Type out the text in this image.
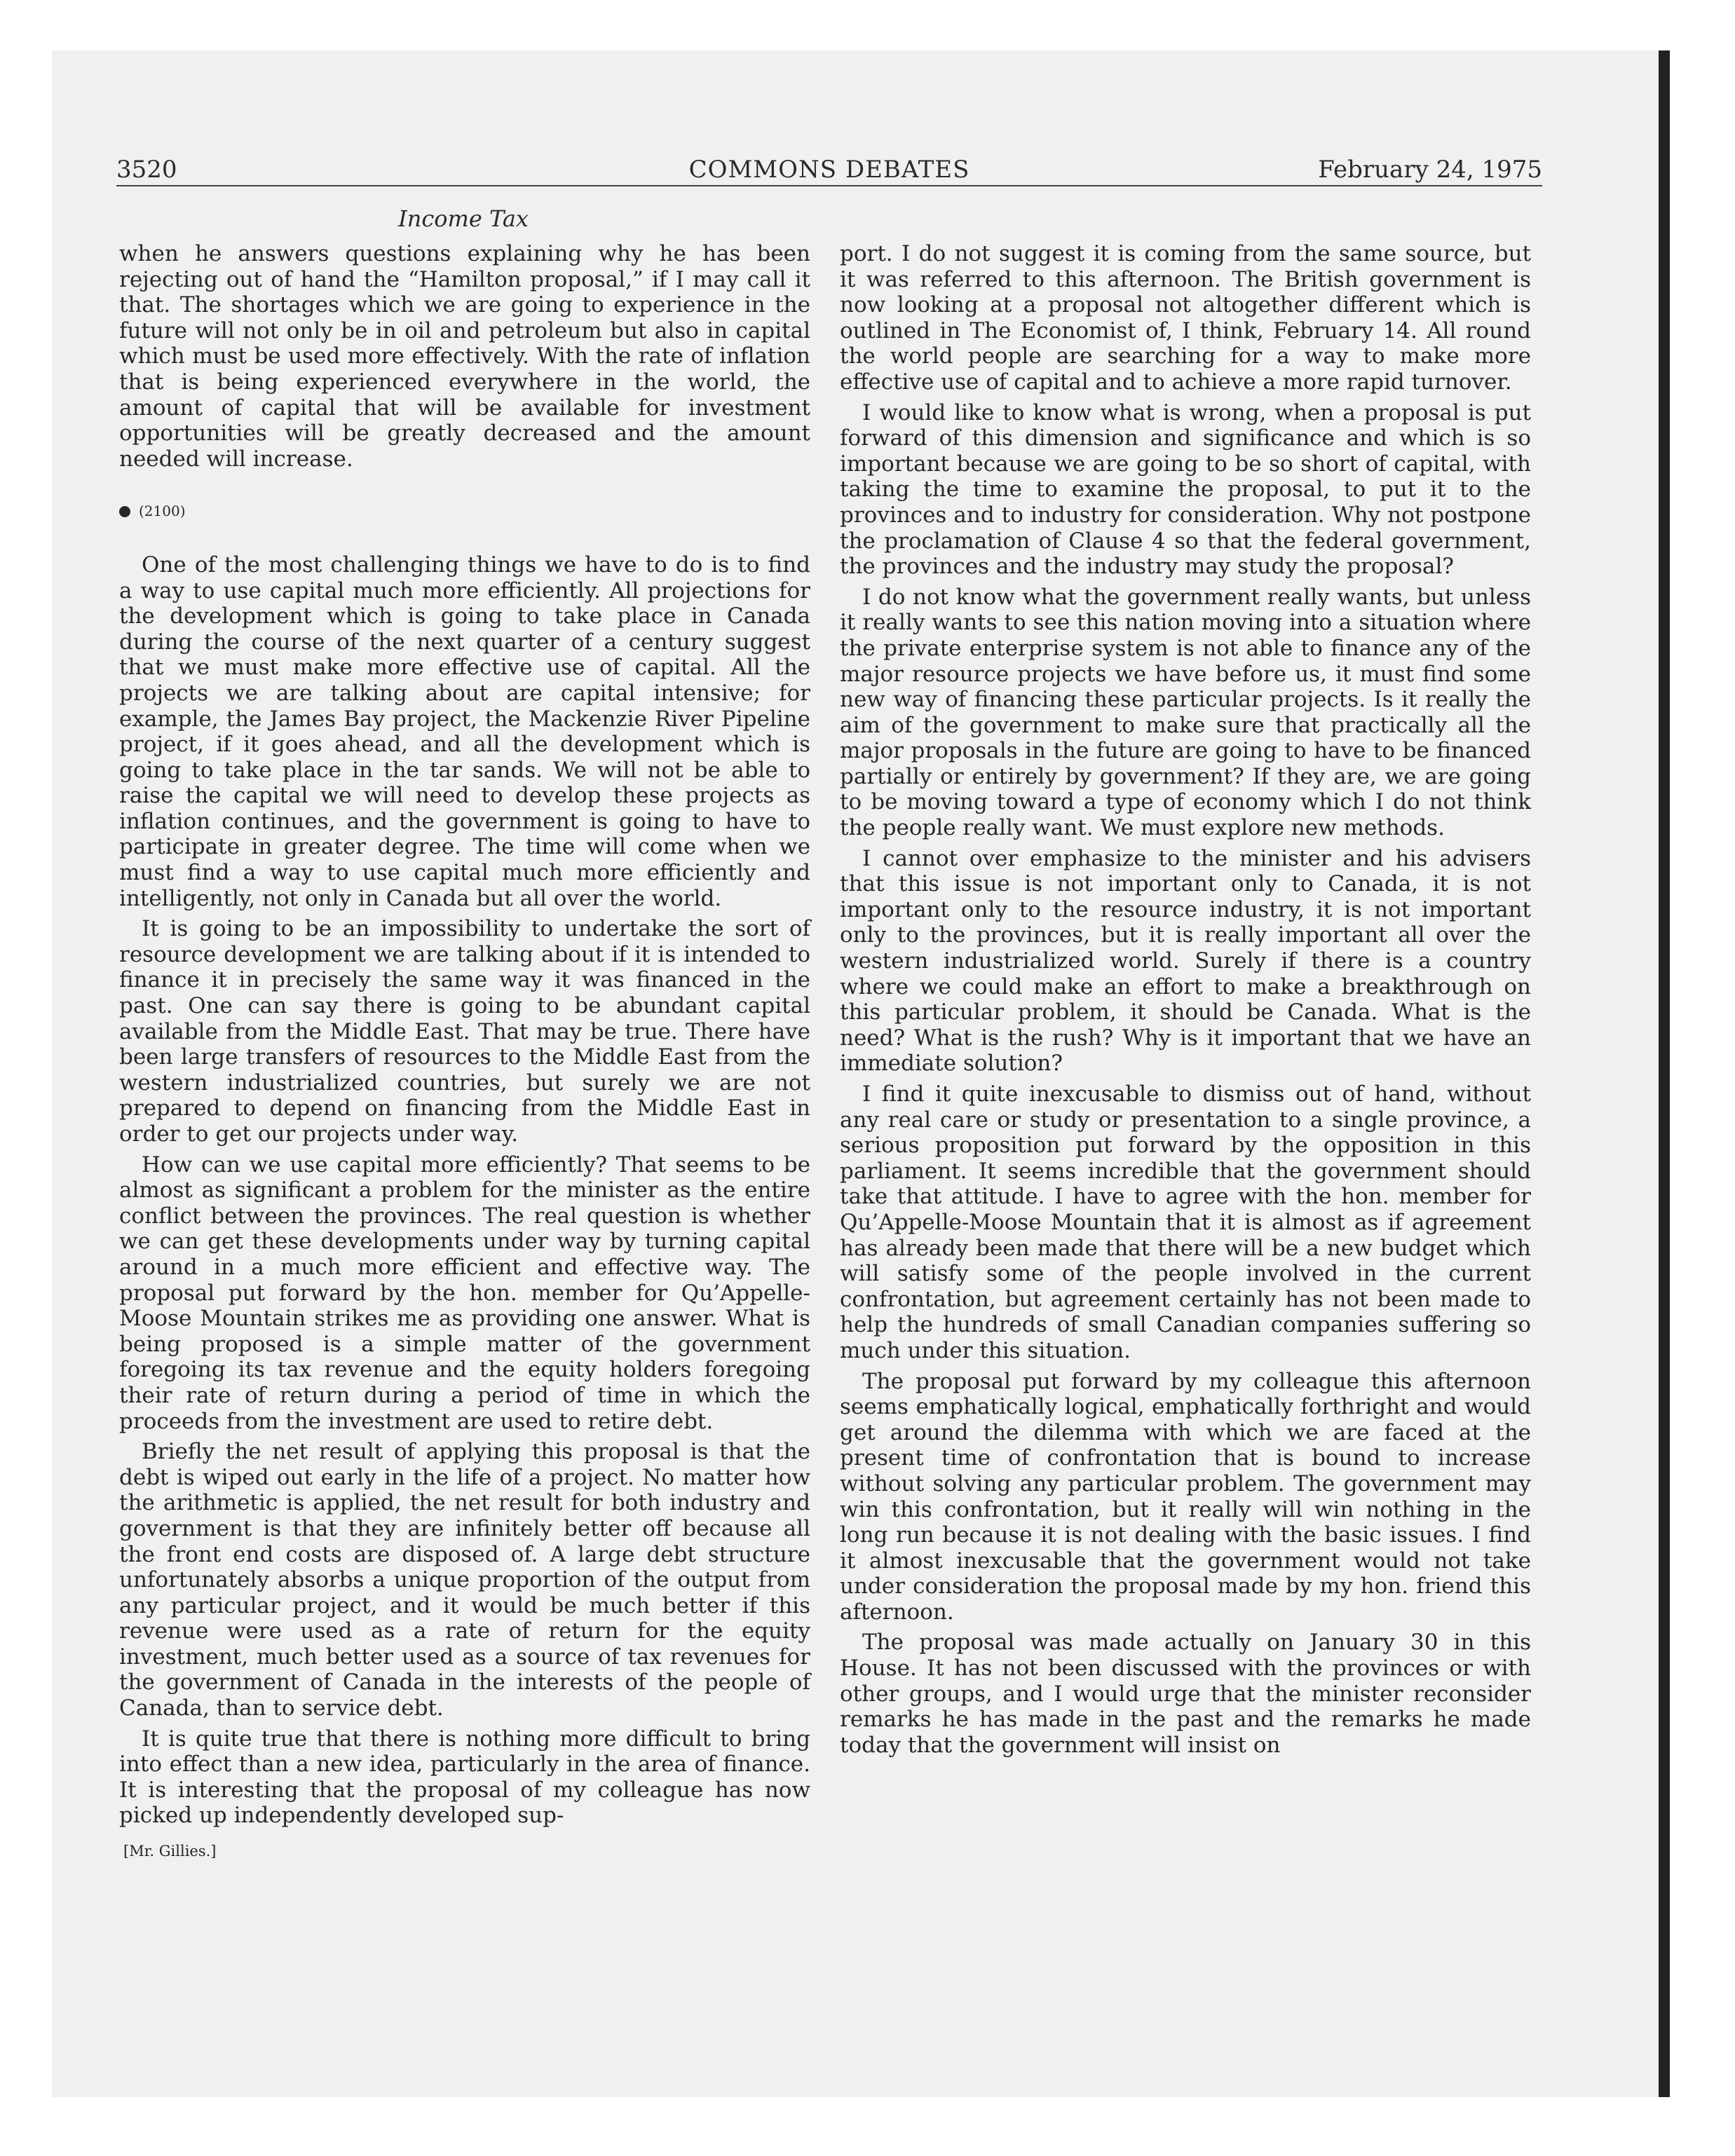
3520	COMMONS DEBATES	February 24, 1975
Income Tax

when he answers questions explaining why he has been rejecting out of hand the “Hamilton proposal,” if I may call it that. The shortages which we are going to experience in the future will not only be in oil and petroleum but also in capital which must be used more effectively. With the rate of inflation that is being experienced everywhere in the world, the amount of capital that will be available for investment opportunities will be greatly decreased and the amount needed will increase.

(2100)

One of the most challenging things we have to do is to find a way to use capital much more efficiently. All projections for the development which is going to take place in Canada during the course of the next quarter of a century suggest that we must make more effective use of capital. All the projects we are talking about are capital intensive; for example, the James Bay project, the Mackenzie River Pipeline project, if it goes ahead, and all the development which is going to take place in the tar sands. We will not be able to raise the capital we will need to develop these projects as inflation continues, and the government is going to have to participate in greater degree. The time will come when we must find a way to use capital much more efficiently and intelligently, not only in Canada but all over the world.

It is going to be an impossibility to undertake the sort of resource development we are talking about if it is intended to finance it in precisely the same way it was financed in the past. One can say there is going to be abundant capital available from the Middle East. That may be true. There have been large transfers of resources to the Middle East from the western industrialized countries, but surely we are not prepared to depend on financing from the Middle East in order to get our projects under way.

How can we use capital more efficiently? That seems to be almost as significant a problem for the minister as the entire conflict between the provinces. The real question is whether we can get these developments under way by turning capital around in a much more efficient and effective way. The proposal put forward by the hon. member for Qu’Appelle-Moose Mountain strikes me as providing one answer. What is being proposed is a simple matter of the government foregoing its tax revenue and the equity holders foregoing their rate of return during a period of time in which the proceeds from the investment are used to retire debt.

Briefly the net result of applying this proposal is that the debt is wiped out early in the life of a project. No matter how the arithmetic is applied, the net result for both industry and government is that they are infinitely better off because all the front end costs are disposed of. A large debt structure unfortunately absorbs a unique proportion of the output from any particular project, and it would be much better if this revenue were used as a rate of return for the equity investment, much better used as a source of tax revenues for the government of Canada in the interests of the people of Canada, than to service debt.

It is quite true that there is nothing more difficult to bring into effect than a new idea, particularly in the area of finance. It is interesting that the proposal of my colleague has now picked up independently developed sup-

[Mr. Gillies.]

port. I do not suggest it is coming from the same source, but it was referred to this afternoon. The British government is now looking at a proposal not altogether different which is outlined in The Economist of, I think, February 14. All round the world people are searching for a way to make more effective use of capital and to achieve a more rapid turnover.

I would like to know what is wrong, when a proposal is put forward of this dimension and significance and which is so important because we are going to be so short of capital, with taking the time to examine the proposal, to put it to the provinces and to industry for consideration. Why not postpone the proclamation of Clause 4 so that the federal government, the provinces and the industry may study the proposal?

I do not know what the government really wants, but unless it really wants to see this nation moving into a situation where the private enterprise system is not able to finance any of the major resource projects we have before us, it must find some new way of financing these particular projects. Is it really the aim of the government to make sure that practically all the major proposals in the future are going to have to be financed partially or entirely by government? If they are, we are going to be moving toward a type of economy which I do not think the people really want. We must explore new methods.

I cannot over emphasize to the minister and his advisers that this issue is not important only to Canada, it is not important only to the resource industry, it is not important only to the provinces, but it is really important all over the western industrialized world. Surely if there is a country where we could make an effort to make a breakthrough on this particular problem, it should be Canada. What is the need? What is the rush? Why is it important that we have an immediate solution?

I find it quite inexcusable to dismiss out of hand, without any real care or study or presentation to a single province, a serious proposition put forward by the opposition in this parliament. It seems incredible that the government should take that attitude. I have to agree with the hon. member for Qu’Appelle-Moose Mountain that it is almost as if agreement has already been made that there will be a new budget which will satisfy some of the people involved in the current confrontation, but agreement certainly has not been made to help the hundreds of small Canadian companies suffering so much under this situation.

The proposal put forward by my colleague this afternoon seems emphatically logical, emphatically forthright and would get around the dilemma with which we are faced at the present time of confrontation that is bound to increase without solving any particular problem. The government may win this confrontation, but it really will win nothing in the long run because it is not dealing with the basic issues. I find it almost inexcusable that the government would not take under consideration the proposal made by my hon. friend this afternoon.

The proposal was made actually on January 30 in this House. It has not been discussed with the provinces or with other groups, and I would urge that the minister reconsider remarks he has made in the past and the remarks he made today that the government will insist on
